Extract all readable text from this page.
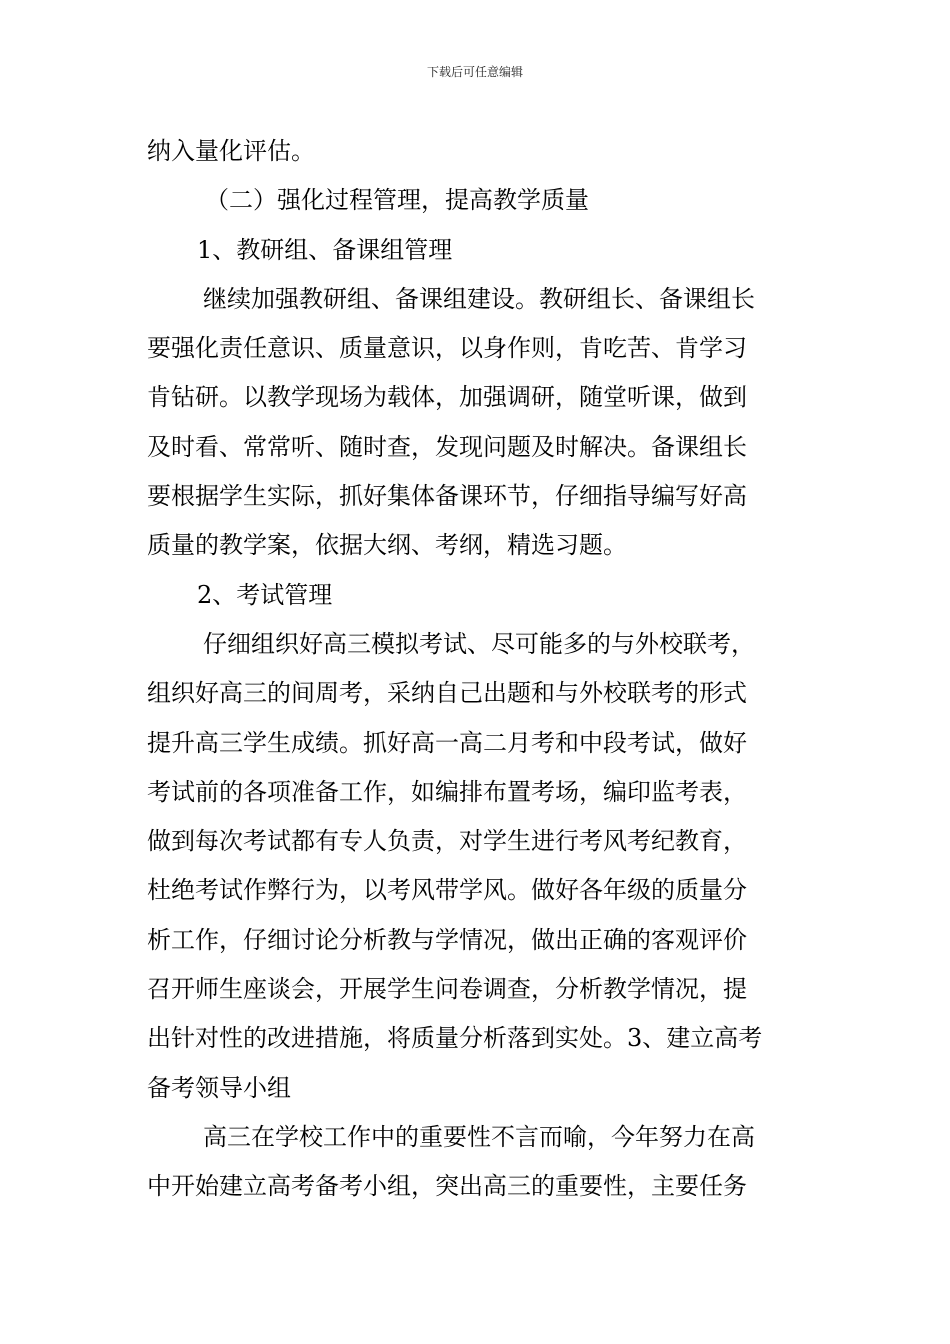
下载后可任意编辑
纳入量化评估。
（二）强化过程管理，提高教学质量
1、教研组、备课组管理
继续加强教研组、备课组建设。教研组长、备课组长
要强化责任意识、质量意识，以身作则，肯吃苦、肯学习
肯钻研。以教学现场为载体，加强调研，随堂听课，做到
及时看、常常听、随时查，发现问题及时解决。备课组长
要根据学生实际，抓好集体备课环节，仔细指导编写好高
质量的教学案，依据大纲、考纲，精选习题。
2、考试管理
仔细组织好高三模拟考试、尽可能多的与外校联考，
组织好高三的间周考，采纳自己出题和与外校联考的形式
提升高三学生成绩。抓好高一高二月考和中段考试，做好
考试前的各项准备工作，如编排布置考场，编印监考表，
做到每次考试都有专人负责，对学生进行考风考纪教育，
杜绝考试作弊行为，以考风带学风。做好各年级的质量分
析工作，仔细讨论分析教与学情况，做出正确的客观评价
召开师生座谈会，开展学生问卷调查，分析教学情况，提
出针对性的改进措施，将质量分析落到实处。3、建立高考
备考领导小组
高三在学校工作中的重要性不言而喻，今年努力在高
中开始建立高考备考小组，突出高三的重要性，主要任务
